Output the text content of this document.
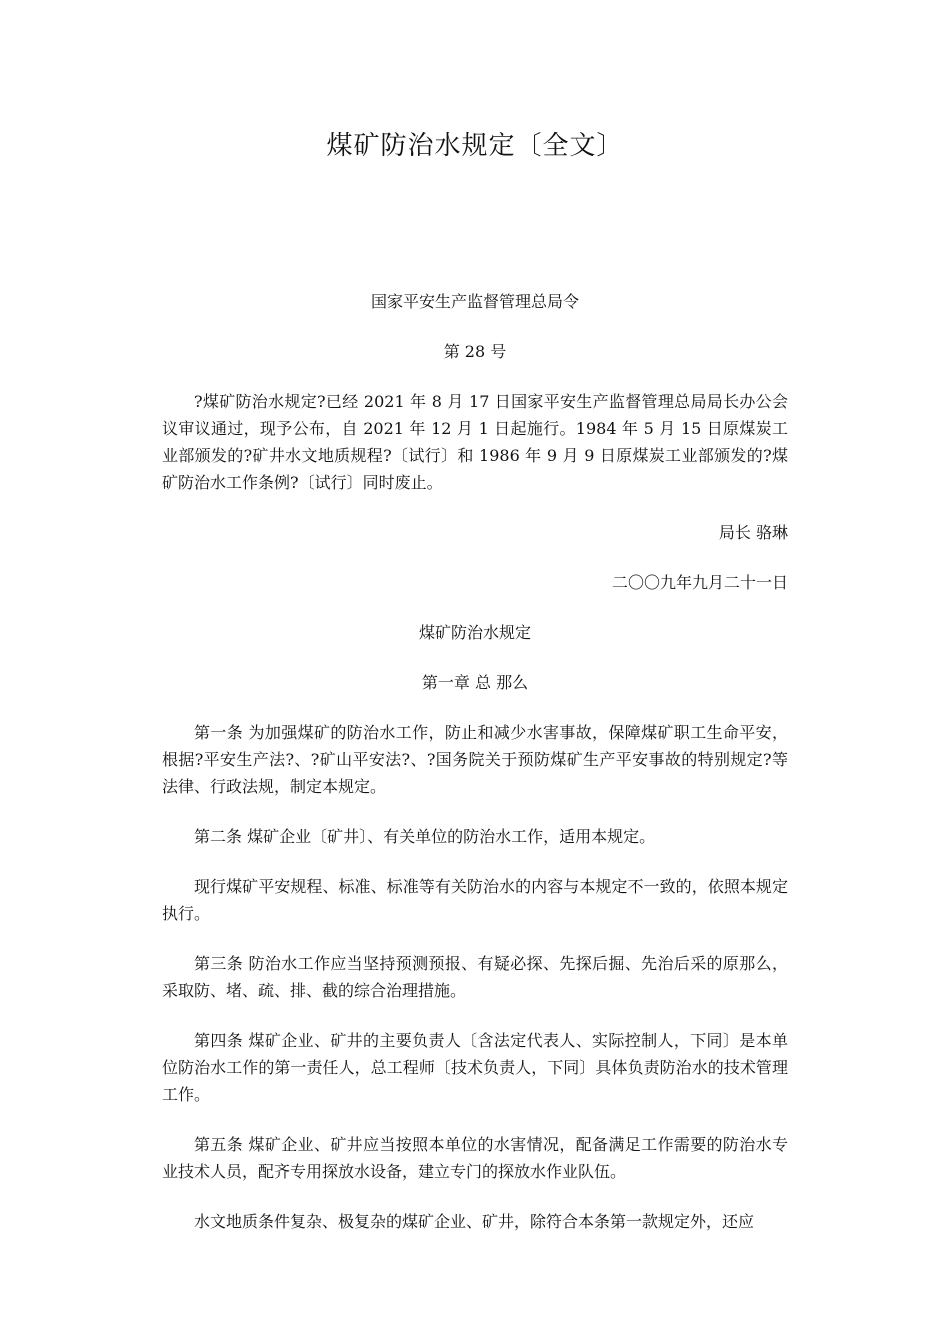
煤矿防治水规定〔全文〕

国家平安生产监督管理总局令

第 28 号

?煤矿防治水规定?已经 2021 年 8 月 17 日国家平安生产监督管理总局局长办公会议审议通过，现予公布，自 2021 年 12 月 1 日起施行。1984 年 5 月 15 日原煤炭工业部颁发的?矿井水文地质规程?〔试行〕和 1986 年 9 月 9 日原煤炭工业部颁发的?煤矿防治水工作条例?〔试行〕同时废止。

局长 骆琳

二〇〇九年九月二十一日

煤矿防治水规定

第一章 总 那么

第一条 为加强煤矿的防治水工作，防止和减少水害事故，保障煤矿职工生命平安，根据?平安生产法?、?矿山平安法?、?国务院关于预防煤矿生产平安事故的特别规定?等法律、行政法规，制定本规定。

第二条 煤矿企业〔矿井〕、有关单位的防治水工作，适用本规定。

现行煤矿平安规程、标准、标准等有关防治水的内容与本规定不一致的，依照本规定执行。

第三条 防治水工作应当坚持预测预报、有疑必探、先探后掘、先治后采的原那么，采取防、堵、疏、排、截的综合治理措施。

第四条 煤矿企业、矿井的主要负责人〔含法定代表人、实际控制人，下同〕是本单位防治水工作的第一责任人，总工程师〔技术负责人，下同〕具体负责防治水的技术管理工作。

第五条 煤矿企业、矿井应当按照本单位的水害情况，配备满足工作需要的防治水专业技术人员，配齐专用探放水设备，建立专门的探放水作业队伍。

水文地质条件复杂、极复杂的煤矿企业、矿井，除符合本条第一款规定外，还应
